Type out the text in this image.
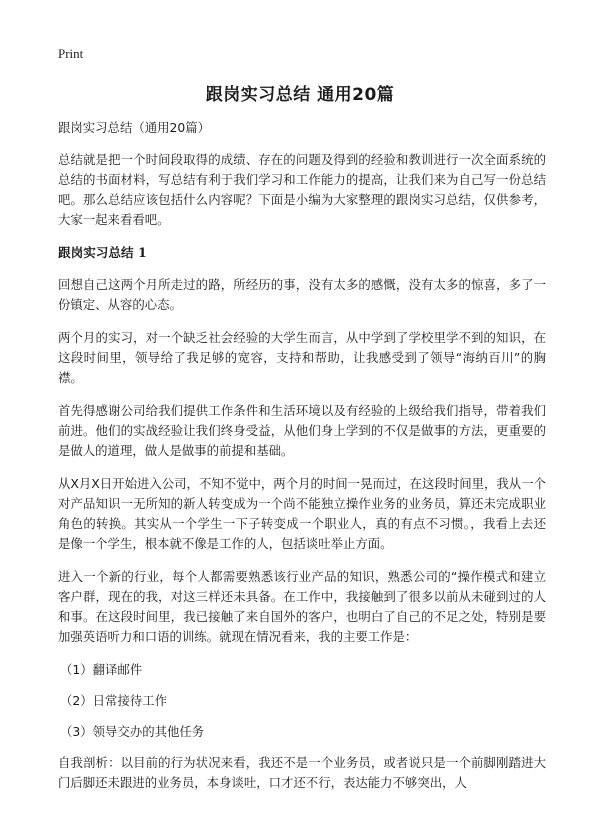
Print
跟岗实习总结 通用20篇

跟岗实习总结（通用20篇）

总结就是把一个时间段取得的成绩、存在的问题及得到的经验和教训进行一次全面系统的总结的书面材料，写总结有利于我们学习和工作能力的提高，让我们来为自己写一份总结吧。那么总结应该包括什么内容呢？下面是小编为大家整理的跟岗实习总结，仅供参考，大家一起来看看吧。

跟岗实习总结 1

回想自己这两个月所走过的路，所经历的事，没有太多的感慨，没有太多的惊喜，多了一份镇定、从容的心态。

两个月的实习，对一个缺乏社会经验的大学生而言，从中学到了学校里学不到的知识，在这段时间里，领导给了我足够的宽容，支持和帮助，让我感受到了领导“海纳百川”的胸襟。

首先得感谢公司给我们提供工作条件和生活环境以及有经验的上级给我们指导，带着我们前进。他们的实战经验让我们终身受益，从他们身上学到的不仅是做事的方法，更重要的是做人的道理，做人是做事的前提和基础。

从X月X日开始进入公司，不知不觉中，两个月的时间一晃而过，在这段时间里，我从一个对产品知识一无所知的新人转变成为一个尚不能独立操作业务的业务员，算还未完成职业角色的转换。其实从一个学生一下子转变成一个职业人，真的有点不习惯。，我看上去还是像一个学生，根本就不像是工作的人，包括谈吐举止方面。

进入一个新的行业，每个人都需要熟悉该行业产品的知识，熟悉公司的“操作模式和建立客户群，现在的我，对这三样还未具备。在工作中，我接触到了很多以前从未碰到过的人和事。在这段时间里，我已接触了来自国外的客户，也明白了自己的不足之处，特别是要加强英语听力和口语的训练。就现在情况看来，我的主要工作是：

（1）翻译邮件

（2）日常接待工作

（3）领导交办的其他任务

自我剖析：以目前的行为状况来看，我还不是一个业务员，或者说只是一个前脚刚踏进大门后脚还未跟进的业务员，本身谈吐，口才还不行，表达能力不够突出，人
